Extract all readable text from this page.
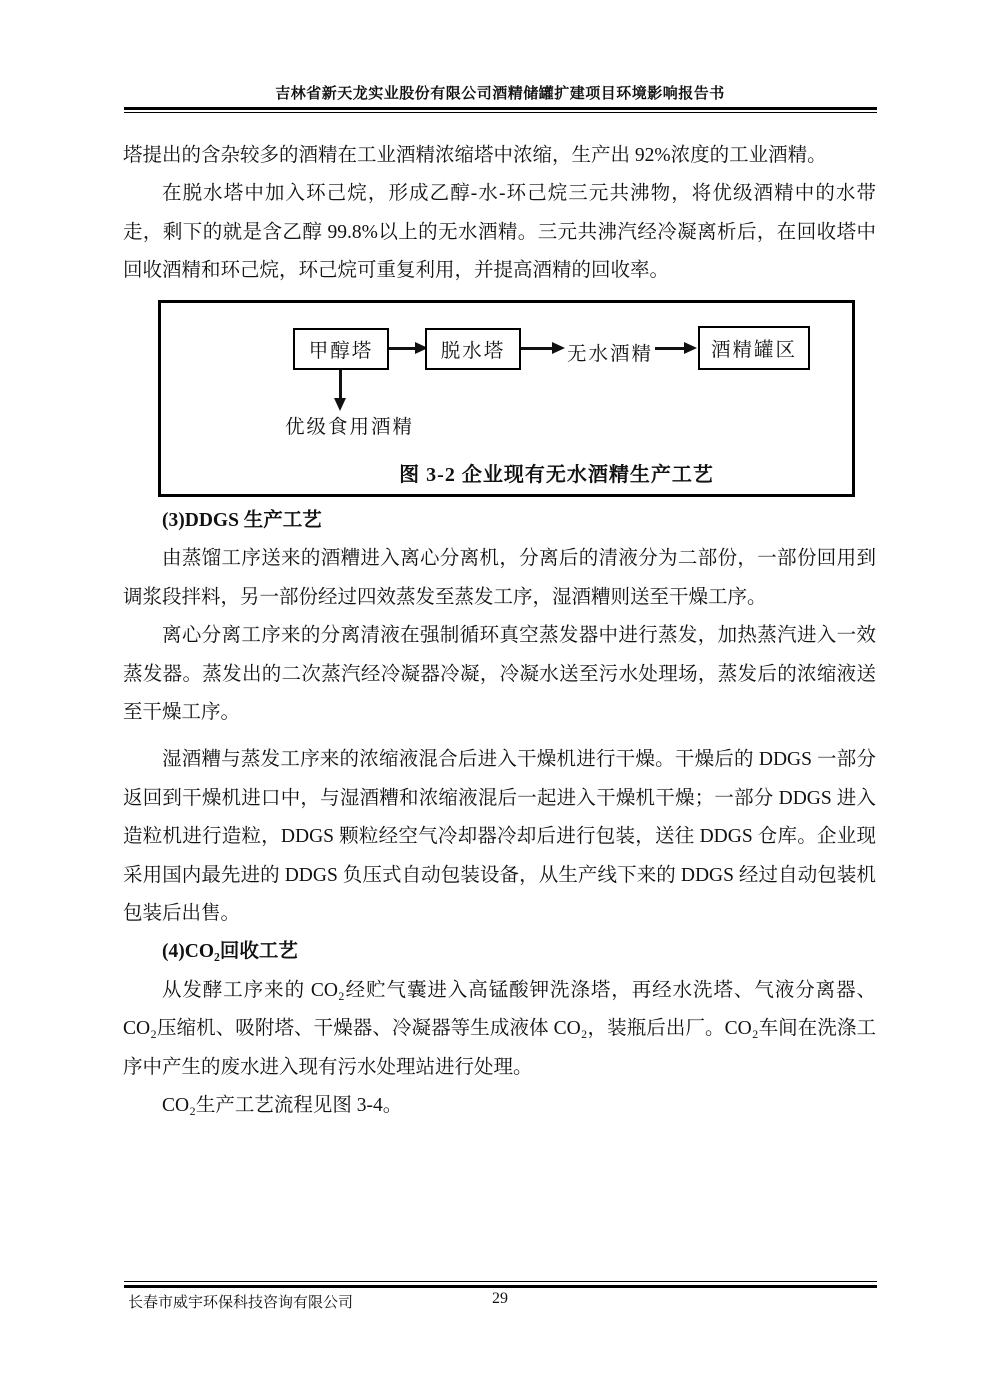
吉林省新天龙实业股份有限公司酒精储罐扩建项目环境影响报告书

塔提出的含杂较多的酒精在工业酒精浓缩塔中浓缩，生产出 92%浓度的工业酒精。

在脱水塔中加入环己烷，形成乙醇-水-环己烷三元共沸物，将优级酒精中的水带走，剩下的就是含乙醇 99.8%以上的无水酒精。三元共沸汽经冷凝离析后，在回收塔中回收酒精和环己烷，环己烷可重复利用，并提高酒精的回收率。

甲醇塔	脱水塔	无水酒精	酒精罐区
优级食用酒精
图 3-2 企业现有无水酒精生产工艺

(3)DDGS 生产工艺

由蒸馏工序送来的酒糟进入离心分离机，分离后的清液分为二部份，一部份回用到调浆段拌料，另一部份经过四效蒸发至蒸发工序，湿酒糟则送至干燥工序。

离心分离工序来的分离清液在强制循环真空蒸发器中进行蒸发，加热蒸汽进入一效蒸发器。蒸发出的二次蒸汽经冷凝器冷凝，冷凝水送至污水处理场，蒸发后的浓缩液送至干燥工序。

湿酒糟与蒸发工序来的浓缩液混合后进入干燥机进行干燥。干燥后的 DDGS 一部分返回到干燥机进口中，与湿酒糟和浓缩液混后一起进入干燥机干燥；一部分 DDGS 进入造粒机进行造粒，DDGS 颗粒经空气冷却器冷却后进行包装，送往 DDGS 仓库。企业现采用国内最先进的 DDGS 负压式自动包装设备，从生产线下来的 DDGS 经过自动包装机包装后出售。

(4)CO₂回收工艺

从发酵工序来的 CO₂经贮气囊进入高锰酸钾洗涤塔，再经水洗塔、气液分离器、CO₂压缩机、吸附塔、干燥器、冷凝器等生成液体 CO₂，装瓶后出厂。CO₂车间在洗涤工序中产生的废水进入现有污水处理站进行处理。

CO₂生产工艺流程见图 3-4。

长春市威宇环保科技咨询有限公司	29
